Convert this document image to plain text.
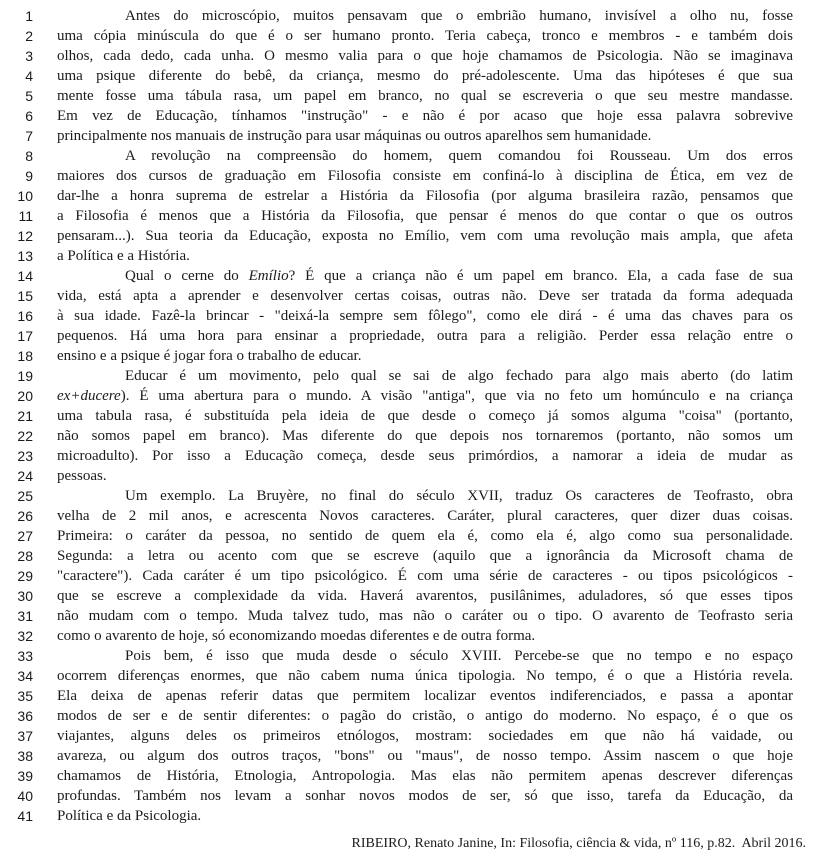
1	Antes do microscópio, muitos pensavam que o embrião humano, invisível a olho nu, fosse
2 uma cópia minúscula do que é o ser humano pronto. Teria cabeça, tronco e membros - e também dois
3 olhos, cada dedo, cada unha. O mesmo valia para o que hoje chamamos de Psicologia. Não se imaginava
4 uma psique diferente do bebê, da criança, mesmo do pré-adolescente. Uma das hipóteses é que sua
5 mente fosse uma tábula rasa, um papel em branco, no qual se escreveria o que seu mestre mandasse.
6 Em vez de Educação, tínhamos "instrução" - e não é por acaso que hoje essa palavra sobrevive
7 principalmente nos manuais de instrução para usar máquinas ou outros aparelhos sem humanidade.
8	A revolução na compreensão do homem, quem comandou foi Rousseau. Um dos erros
9 maiores dos cursos de graduação em Filosofia consiste em confiná-lo à disciplina de Ética, em vez de
10 dar-lhe a honra suprema de estrelar a História da Filosofia (por alguma brasileira razão, pensamos que
11 a Filosofia é menos que a História da Filosofia, que pensar é menos do que contar o que os outros
12 pensaram...). Sua teoria da Educação, exposta no Emílio, vem com uma revolução mais ampla, que afeta
13 a Política e a História.
14	Qual o cerne do Emílio? É que a criança não é um papel em branco. Ela, a cada fase de sua
15 vida, está apta a aprender e desenvolver certas coisas, outras não. Deve ser tratada da forma adequada
16 à sua idade. Fazê-la brincar - "deixá-la sempre sem fôlego", como ele dirá - é uma das chaves para os
17 pequenos. Há uma hora para ensinar a propriedade, outra para a religião. Perder essa relação entre o
18 ensino e a psique é jogar fora o trabalho de educar.
19	Educar é um movimento, pelo qual se sai de algo fechado para algo mais aberto (do latim
20 ex+ducere). É uma abertura para o mundo. A visão "antiga", que via no feto um homúnculo e na criança
21 uma tabula rasa, é substituída pela ideia de que desde o começo já somos alguma "coisa" (portanto,
22 não somos papel em branco). Mas diferente do que depois nos tornaremos (portanto, não somos um
23 microadulto). Por isso a Educação começa, desde seus primórdios, a namorar a ideia de mudar as
24 pessoas.
25	Um exemplo. La Bruyère, no final do século XVII, traduz Os caracteres de Teofrasto, obra
26 velha de 2 mil anos, e acrescenta Novos caracteres. Caráter, plural caracteres, quer dizer duas coisas.
27 Primeira: o caráter da pessoa, no sentido de quem ela é, como ela é, algo como sua personalidade.
28 Segunda: a letra ou acento com que se escreve (aquilo que a ignorância da Microsoft chama de
29 "caractere"). Cada caráter é um tipo psicológico. É com uma série de caracteres - ou tipos psicológicos -
30 que se escreve a complexidade da vida. Haverá avarentos, pusilânimes, aduladores, só que esses tipos
31 não mudam com o tempo. Muda talvez tudo, mas não o caráter ou o tipo. O avarento de Teofrasto seria
32 como o avarento de hoje, só economizando moedas diferentes e de outra forma.
33	Pois bem, é isso que muda desde o século XVIII. Percebe-se que no tempo e no espaço
34 ocorrem diferenças enormes, que não cabem numa única tipologia. No tempo, é o que a História revela.
35 Ela deixa de apenas referir datas que permitem localizar eventos indiferenciados, e passa a apontar
36 modos de ser e de sentir diferentes: o pagão do cristão, o antigo do moderno. No espaço, é o que os
37 viajantes, alguns deles os primeiros etnólogos, mostram: sociedades em que não há vaidade, ou
38 avareza, ou algum dos outros traços, "bons" ou "maus", de nosso tempo. Assim nascem o que hoje
39 chamamos de História, Etnologia, Antropologia. Mas elas não permitem apenas descrever diferenças
40 profundas. Também nos levam a sonhar novos modos de ser, só que isso, tarefa da Educação, da
41 Política e da Psicologia.
RIBEIRO, Renato Janine, In: Filosofia, ciência & vida, nº 116, p.82.  Abril 2016.
